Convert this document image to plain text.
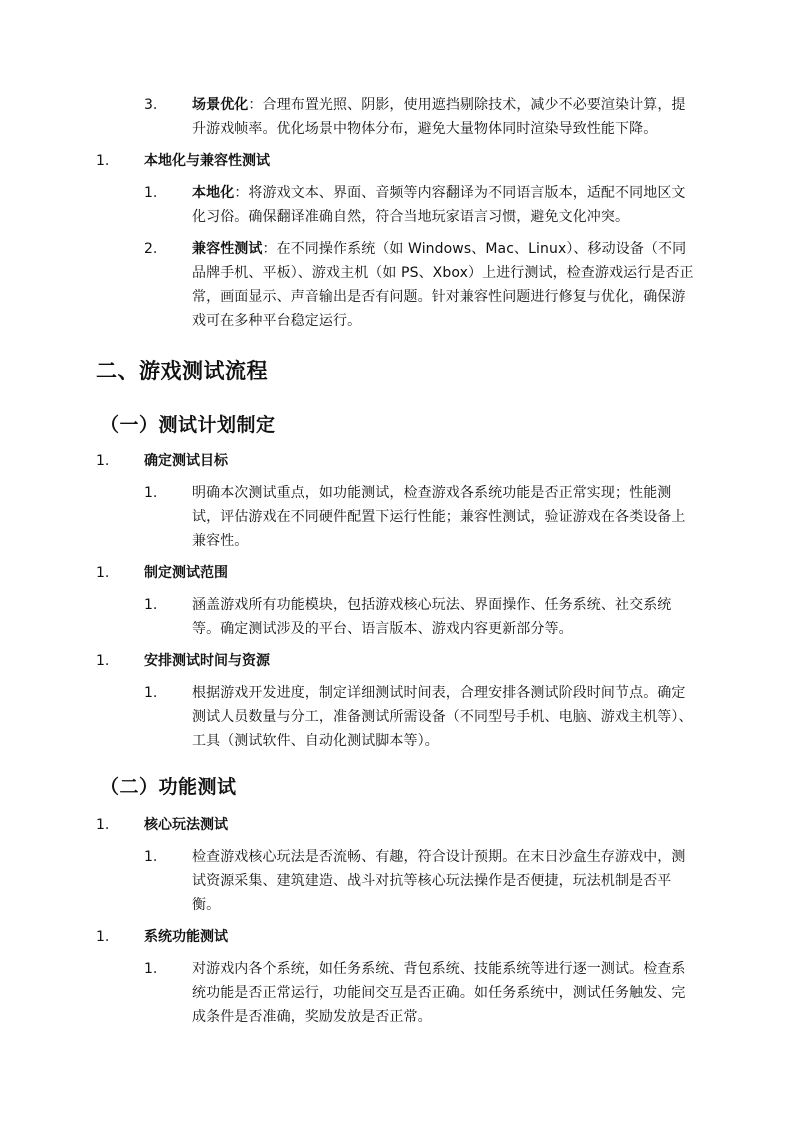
3. 场景优化：合理布置光照、阴影，使用遮挡剔除技术，减少不必要渲染计算，提升游戏帧率。优化场景中物体分布，避免大量物体同时渲染导致性能下降。
1. 本地化与兼容性测试
1. 本地化：将游戏文本、界面、音频等内容翻译为不同语言版本，适配不同地区文化习俗。确保翻译准确自然，符合当地玩家语言习惯，避免文化冲突。
2. 兼容性测试：在不同操作系统（如 Windows、Mac、Linux）、移动设备（不同品牌手机、平板）、游戏主机（如 PS、Xbox）上进行测试，检查游戏运行是否正常，画面显示、声音输出是否有问题。针对兼容性问题进行修复与优化，确保游戏可在多种平台稳定运行。
二、游戏测试流程
（一）测试计划制定
1. 确定测试目标
1. 明确本次测试重点，如功能测试，检查游戏各系统功能是否正常实现；性能测试，评估游戏在不同硬件配置下运行性能；兼容性测试，验证游戏在各类设备上兼容性。
1. 制定测试范围
1. 涵盖游戏所有功能模块，包括游戏核心玩法、界面操作、任务系统、社交系统等。确定测试涉及的平台、语言版本、游戏内容更新部分等。
1. 安排测试时间与资源
1. 根据游戏开发进度，制定详细测试时间表，合理安排各测试阶段时间节点。确定测试人员数量与分工，准备测试所需设备（不同型号手机、电脑、游戏主机等）、工具（测试软件、自动化测试脚本等）。
（二）功能测试
1. 核心玩法测试
1. 检查游戏核心玩法是否流畅、有趣，符合设计预期。在末日沙盒生存游戏中，测试资源采集、建筑建造、战斗对抗等核心玩法操作是否便捷，玩法机制是否平衡。
1. 系统功能测试
1. 对游戏内各个系统，如任务系统、背包系统、技能系统等进行逐一测试。检查系统功能是否正常运行，功能间交互是否正确。如任务系统中，测试任务触发、完成条件是否准确，奖励发放是否正常。
